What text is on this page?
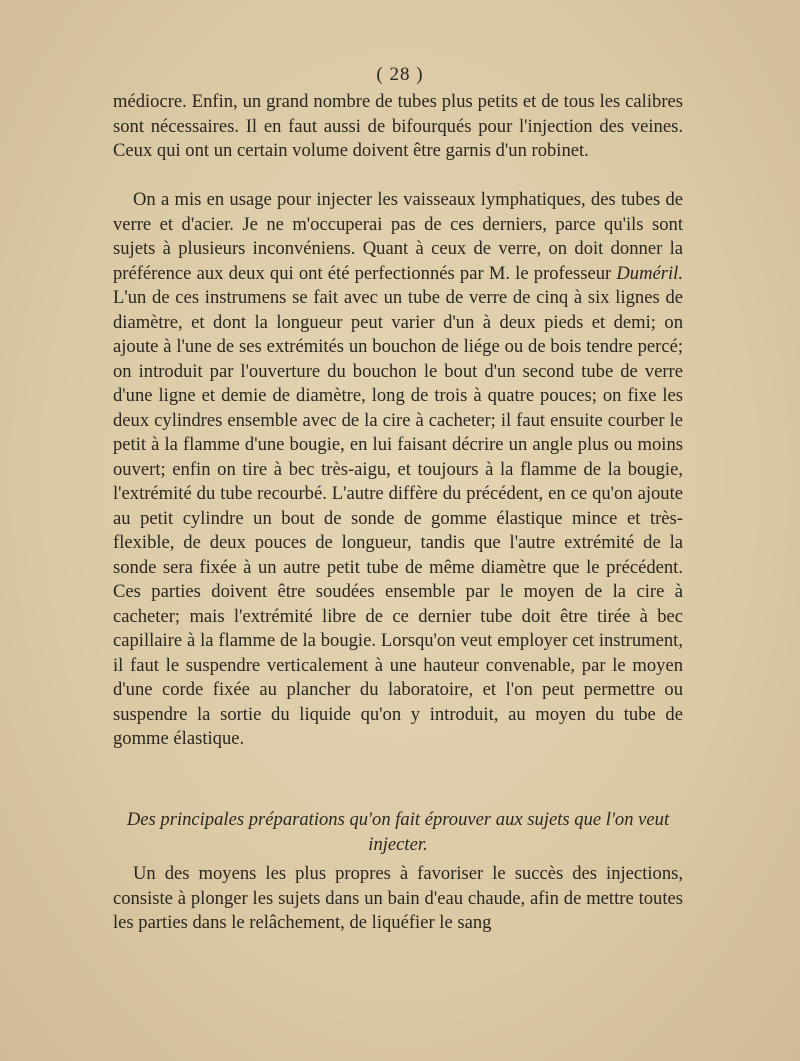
( 28 )

médiocre. Enfin, un grand nombre de tubes plus petits et de tous les calibres sont nécessaires. Il en faut aussi de bifourqués pour l'injection des veines. Ceux qui ont un certain volume doivent être garnis d'un robinet.

On a mis en usage pour injecter les vaisseaux lymphatiques, des tubes de verre et d'acier. Je ne m'occuperai pas de ces derniers, parce qu'ils sont sujets à plusieurs inconvéniens. Quant à ceux de verre, on doit donner la préférence aux deux qui ont été perfectionnés par M. le professeur Duméril. L'un de ces instrumens se fait avec un tube de verre de cinq à six lignes de diamètre, et dont la longueur peut varier d'un à deux pieds et demi; on ajoute à l'une de ses extrémités un bouchon de liége ou de bois tendre percé; on introduit par l'ouverture du bouchon le bout d'un second tube de verre d'une ligne et demie de diamètre, long de trois à quatre pouces; on fixe les deux cylindres ensemble avec de la cire à cacheter; il faut ensuite courber le petit à la flamme d'une bougie, en lui faisant décrire un angle plus ou moins ouvert; enfin on tire à bec très-aigu, et toujours à la flamme de la bougie, l'extrémité du tube recourbé. L'autre diffère du précédent, en ce qu'on ajoute au petit cylindre un bout de sonde de gomme élastique mince et très-flexible, de deux pouces de longueur, tandis que l'autre extrémité de la sonde sera fixée à un autre petit tube de même diamètre que le précédent. Ces parties doivent être soudées ensemble par le moyen de la cire à cacheter; mais l'extrémité libre de ce dernier tube doit être tirée à bec capillaire à la flamme de la bougie. Lorsqu'on veut employer cet instrument, il faut le suspendre verticalement à une hauteur convenable, par le moyen d'une corde fixée au plancher du laboratoire, et l'on peut permettre ou suspendre la sortie du liquide qu'on y introduit, au moyen du tube de gomme élastique.

Des principales préparations qu'on fait éprouver aux sujets que l'on veut injecter.

Un des moyens les plus propres à favoriser le succès des injections, consiste à plonger les sujets dans un bain d'eau chaude, afin de mettre toutes les parties dans le relâchement, de liquéfier le sang
